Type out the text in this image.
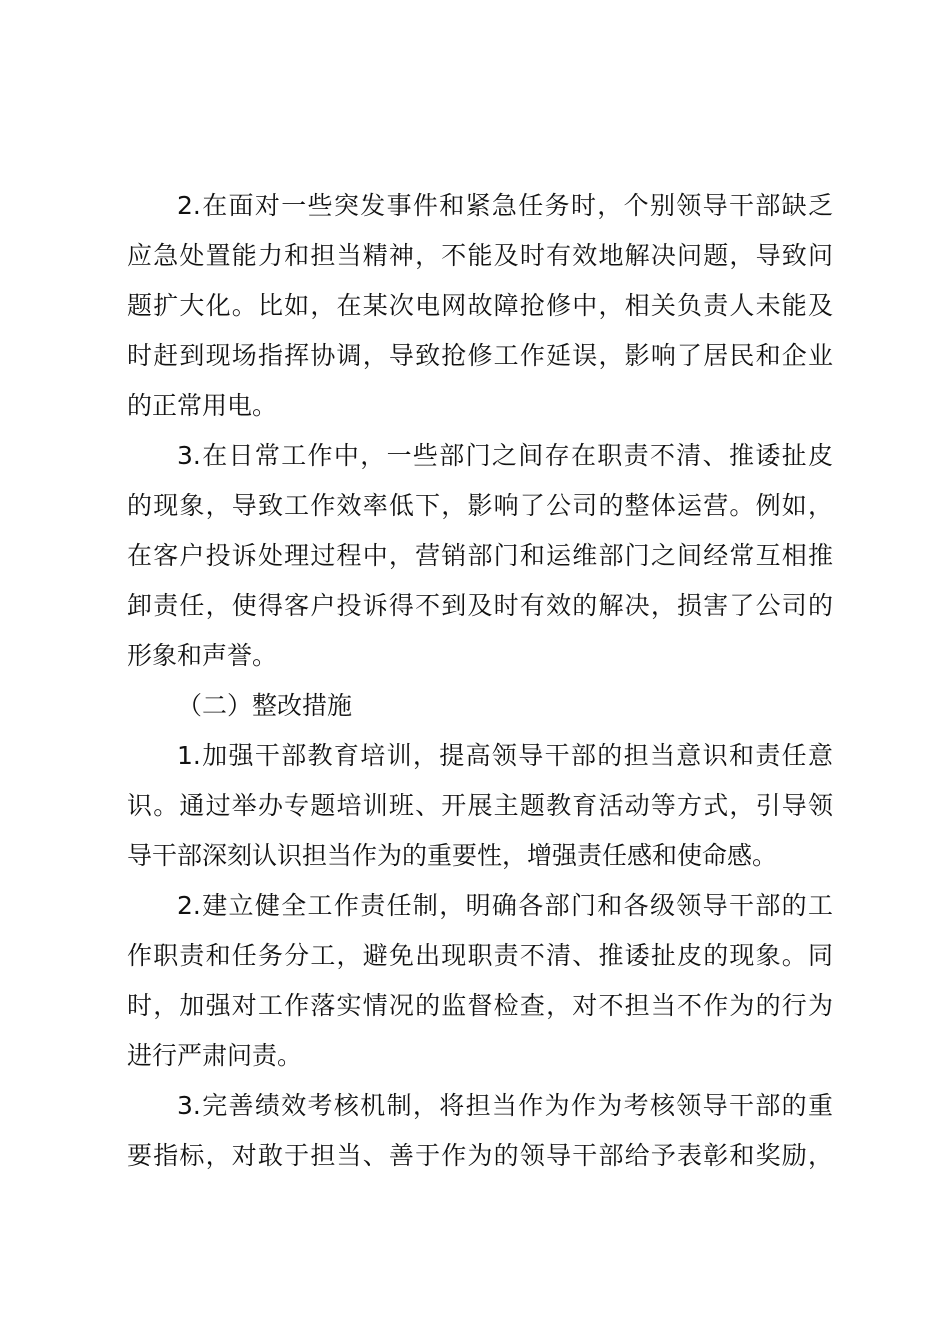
2.在面对一些突发事件和紧急任务时，个别领导干部缺乏
应急处置能力和担当精神，不能及时有效地解决问题，导致问
题扩大化。比如，在某次电网故障抢修中，相关负责人未能及
时赶到现场指挥协调，导致抢修工作延误，影响了居民和企业
的正常用电。
3.在日常工作中，一些部门之间存在职责不清、推诿扯皮
的现象，导致工作效率低下，影响了公司的整体运营。例如，
在客户投诉处理过程中，营销部门和运维部门之间经常互相推
卸责任，使得客户投诉得不到及时有效的解决，损害了公司的
形象和声誉。
（二）整改措施
1.加强干部教育培训，提高领导干部的担当意识和责任意
识。通过举办专题培训班、开展主题教育活动等方式，引导领
导干部深刻认识担当作为的重要性，增强责任感和使命感。
2.建立健全工作责任制，明确各部门和各级领导干部的工
作职责和任务分工，避免出现职责不清、推诿扯皮的现象。同
时，加强对工作落实情况的监督检查，对不担当不作为的行为
进行严肃问责。
3.完善绩效考核机制，将担当作为作为考核领导干部的重
要指标，对敢于担当、善于作为的领导干部给予表彰和奖励，
